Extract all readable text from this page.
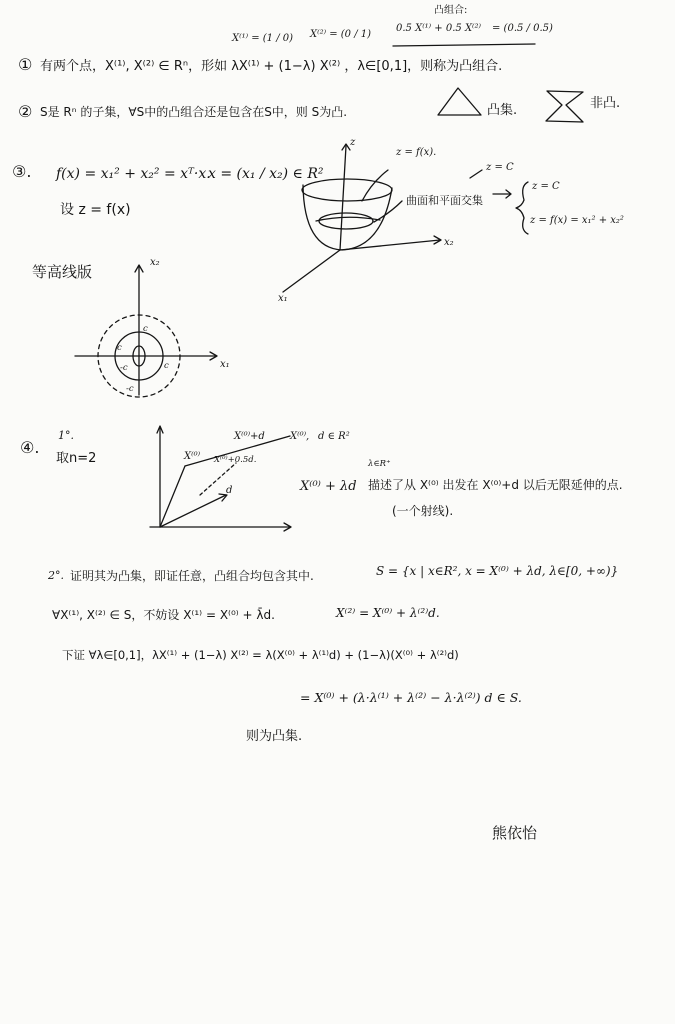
X⁽¹⁾ = (1 / 0) X⁽²⁾ = (0 / 1)
凸组合:
0.5 X⁽¹⁾ + 0.5 X⁽²⁾ = (0.5 / 0.5)
① 有两个点，X⁽¹⁾, X⁽²⁾ ∈ Rⁿ，形如 λX⁽¹⁾ + (1−λ) X⁽²⁾ ，λ∈[0,1]，则称为凸组合.
② S是 Rⁿ 的子集，∀S中的凸组合还是包含在S中，则 S为凸.	凸集.	非凸.
③. f(x) = x₁² + x₂² = xᵀ·x.
x = (x₁ / x₂) ∈ R²
设 z = f(x)
z
x₂
x₁
z = f(x).
z = C
曲面和平面交集
z = C
z = f(x) = x₁² + x₂²
等高线版
x₂
x₁
c
c
c
-c
-c
④.
1°.
取n=2	X⁽⁰⁾
X⁽⁰⁾+d	X⁽⁰⁾, d ∈ R²
X⁽⁰⁾+0.5d.
d
λ∈R⁺
X⁽⁰⁾ + λd 描述了从 X⁽⁰⁾ 出发在 X⁽⁰⁾+d 以后无限延伸的点.
(一个射线).
2°. 证明其为凸集，即证任意，凸组合均包含其中.	S = {x | x∈R², x = X⁽⁰⁾ + λd, λ∈[0, +∞)}
∀X⁽¹⁾, X⁽²⁾ ∈ S，不妨设 X⁽¹⁾ = X⁽⁰⁾ + λ̄d.	X⁽²⁾ = X⁽⁰⁾ + λ⁽²⁾d.
下证 ∀λ∈[0,1]，λX⁽¹⁾ + (1−λ) X⁽²⁾ = λ(X⁽⁰⁾ + λ⁽¹⁾d) + (1−λ)(X⁽⁰⁾ + λ⁽²⁾d)
= X⁽⁰⁾ + (λ·λ⁽¹⁾ + λ⁽²⁾ − λ·λ⁽²⁾) d ∈ S.
则为凸集.
熊依怡
